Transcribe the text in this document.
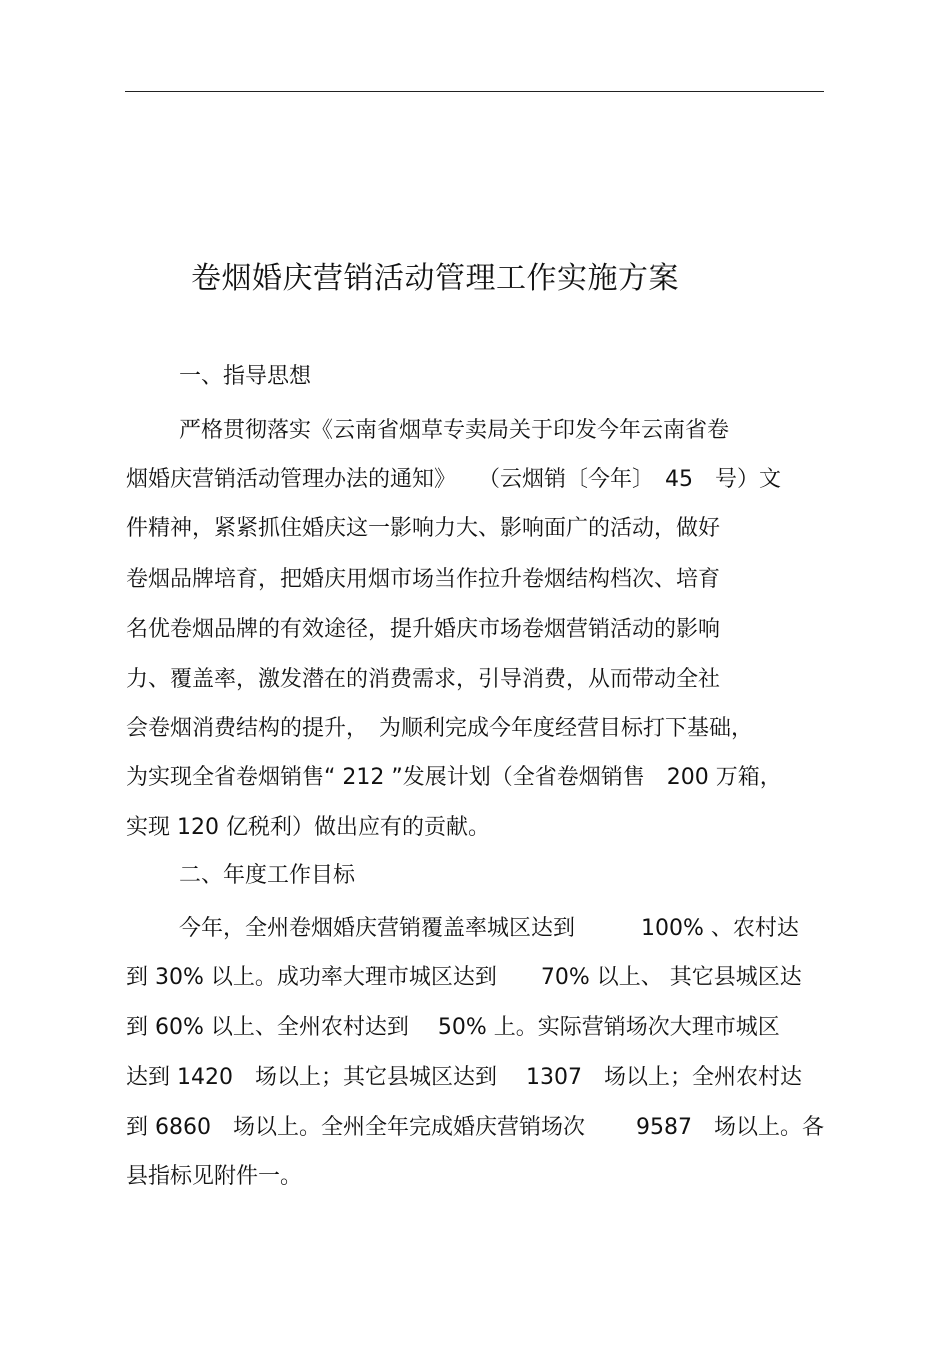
卷烟婚庆营销活动管理工作实施方案
一、指导思想
严格贯彻落实《云南省烟草专卖局关于印发今年云南省卷
烟婚庆营销活动管理办法的通知》　　（云烟销〔今年〕　45　号）文
件精神，紧紧抓住婚庆这一影响力大、影响面广的活动，做好
卷烟品牌培育，把婚庆用烟市场当作拉升卷烟结构档次、培育
名优卷烟品牌的有效途径，提升婚庆市场卷烟营销活动的影响
力、覆盖率，激发潜在的消费需求，引导消费，从而带动全社
会卷烟消费结构的提升，　为顺利完成今年度经营目标打下基础，
为实现全省卷烟销售“ 212 ”发展计划（全省卷烟销售　200 万箱，
实现 120 亿税利）做出应有的贡献。
二、年度工作目标
今年，全州卷烟婚庆营销覆盖率城区达到　　　100% 、农村达
到 30% 以上。成功率大理市城区达到　　70% 以上、 其它县城区达
到 60% 以上、全州农村达到　 50% 上。实际营销场次大理市城区
达到 1420　场以上；其它县城区达到　 1307　场以上；全州农村达
到 6860　场以上。全州全年完成婚庆营销场次　　 9587　场以上。各
县指标见附件一。
